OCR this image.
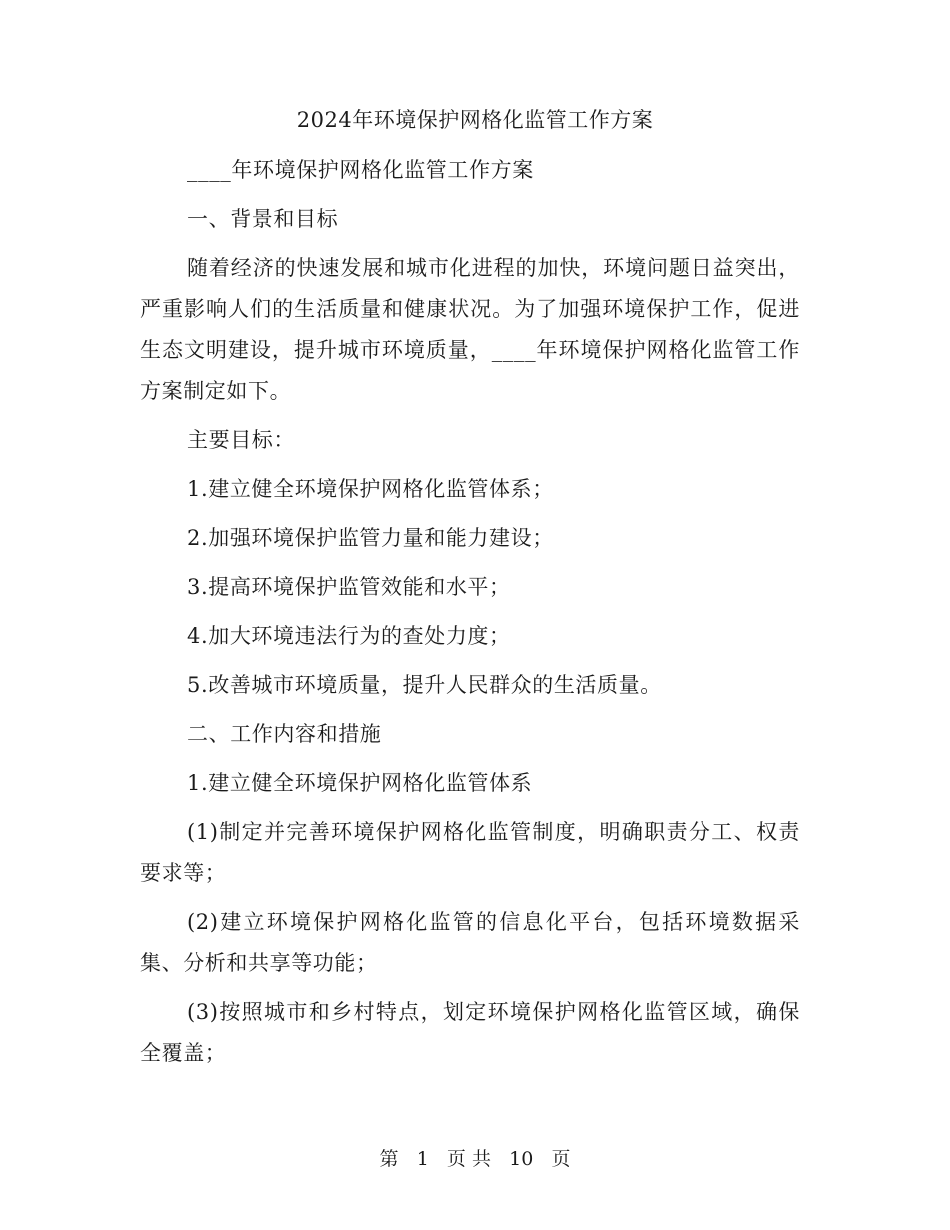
2024年环境保护网格化监管工作方案

____年环境保护网格化监管工作方案

一、背景和目标

随着经济的快速发展和城市化进程的加快，环境问题日益突出，严重影响人们的生活质量和健康状况。为了加强环境保护工作，促进生态文明建设，提升城市环境质量，____年环境保护网格化监管工作方案制定如下。

主要目标：

1.建立健全环境保护网格化监管体系；

2.加强环境保护监管力量和能力建设；

3.提高环境保护监管效能和水平；

4.加大环境违法行为的查处力度；

5.改善城市环境质量，提升人民群众的生活质量。

二、工作内容和措施

1.建立健全环境保护网格化监管体系

(1)制定并完善环境保护网格化监管制度，明确职责分工、权责要求等；

(2)建立环境保护网格化监管的信息化平台，包括环境数据采集、分析和共享等功能；

(3)按照城市和乡村特点，划定环境保护网格化监管区域，确保全覆盖；

第 1 页 共 10 页
